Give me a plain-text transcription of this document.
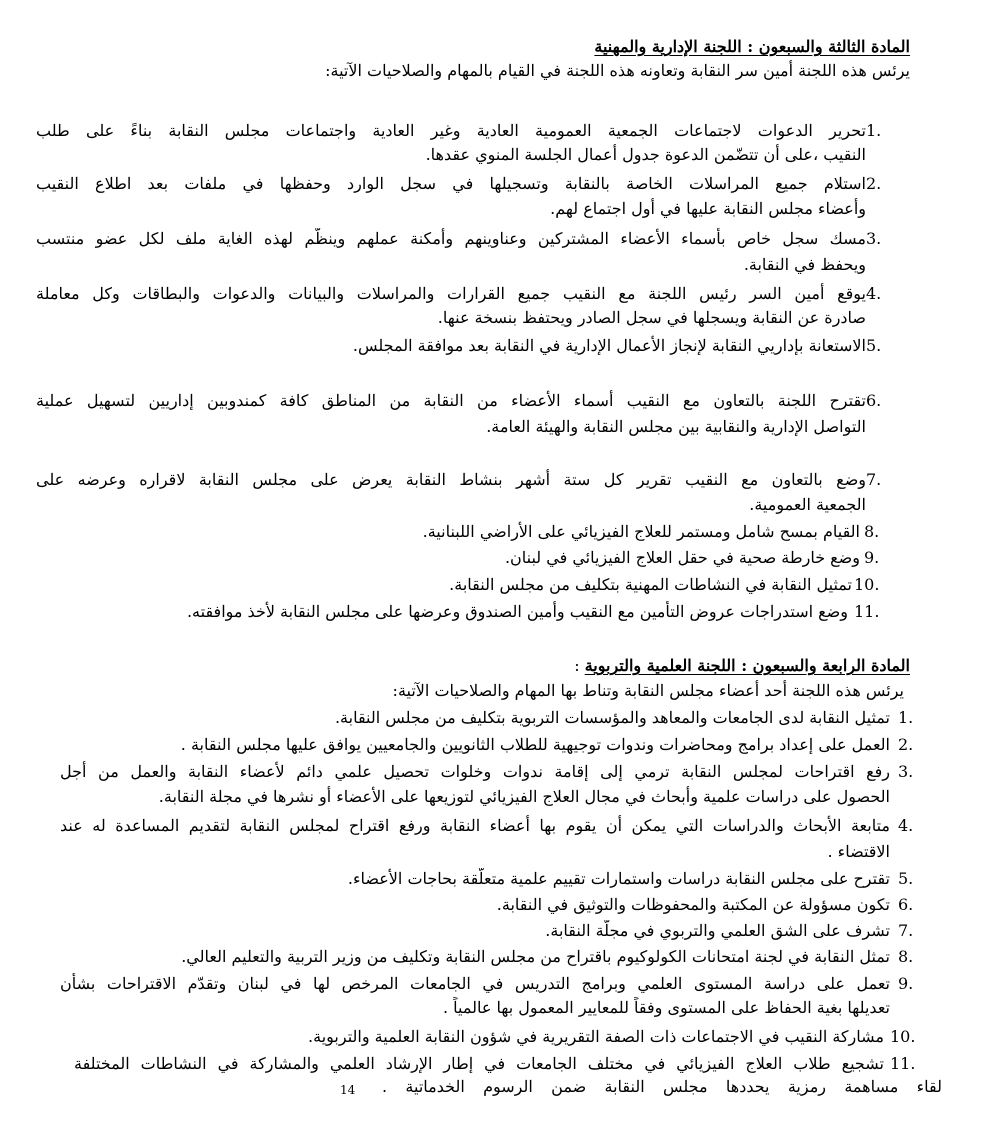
المادة الثالثة والسبعون : اللجنة الإدارية والمهنية
يرئس هذه اللجنة أمين سر النقابة وتعاونه هذه اللجنة في القيام بالمهام والصلاحيات الآتية:
1.
تحرير الدعوات لاجتماعات الجمعية العمومية العادية وغير العادية واجتماعات مجلس النقابة بناءً على طلب
النقيب ،على أن تتضّمن الدعوة جدول أعمال الجلسة المنوي عقدها.
2.
استلام جميع المراسلات الخاصة بالنقابة وتسجيلها في سجل الوارد وحفظها في ملفات بعد اطلاع النقيب
وأعضاء مجلس النقابة عليها في أول اجتماع لهم.
3.
مسك سجل خاص بأسماء الأعضاء المشتركين وعناوينهم وأمكنة عملهم وينظّم لهذه الغاية ملف لكل عضو منتسب
ويحفظ في النقابة.
4.
يوقع أمين السر رئيس اللجنة مع النقيب جميع القرارات والمراسلات والبيانات والدعوات والبطاقات وكل معاملة
صادرة عن النقابة ويسجلها في سجل الصادر ويحتفظ بنسخة عنها.
5.
الاستعانة بإداريي النقابة لإنجاز الأعمال الإدارية في النقابة بعد موافقة المجلس.
6.
تقترح اللجنة بالتعاون مع النقيب أسماء الأعضاء من النقابة من المناطق كافة كمندوبين إداريين لتسهيل عملية
التواصل الإدارية والنقابية بين مجلس النقابة والهيئة العامة.
7.
وضع بالتعاون مع النقيب تقرير كل ستة أشهر بنشاط النقابة يعرض على مجلس النقابة لاقراره وعرضه على
الجمعية العمومية.
8.
القيام بمسح شامل ومستمر للعلاج الفيزيائي على الأراضي اللبنانية.
9.
وضع خارطة صحية في حقل العلاج الفيزيائي في لبنان.
10.
تمثيل النقابة في النشاطات المهنية بتكليف من مجلس النقابة.
11.
وضع استدراجات عروض التأمين مع النقيب وأمين الصندوق وعرضها على مجلس النقابة لأخذ موافقته.
المادة الرابعة والسبعون : اللجنة العلمية والتربوية :
يرئس هذه اللجنة أحد أعضاء مجلس النقابة وتناط بها المهام والصلاحيات الآتية:
1.
تمثيل النقابة لدى الجامعات والمعاهد والمؤسسات التربوية بتكليف من مجلس النقابة.
2.
العمل على إعداد برامج ومحاضرات وندوات توجيهية للطلاب الثانويين والجامعيين يوافق عليها مجلس النقابة .
3.
رفع اقتراحات لمجلس النقابة ترمي إلى إقامة ندوات وخلوات تحصيل علمي دائم لأعضاء النقابة والعمل من أجل
الحصول على دراسات علمية وأبحاث في مجال العلاج الفيزيائي لتوزيعها على الأعضاء أو نشرها في مجلة النقابة.
4.
متابعة الأبحاث والدراسات التي يمكن أن يقوم بها أعضاء النقابة ورفع اقتراح لمجلس النقابة لتقديم المساعدة له عند
الاقتضاء .
5.
تقترح على مجلس النقابة دراسات واستمارات تقييم علمية متعلّقة بحاجات الأعضاء.
6.
تكون مسؤولة عن المكتبة والمحفوظات والتوثيق في النقابة.
7.
تشرف على الشق العلمي والتربوي في مجلّة النقابة.
8.
تمثل النقابة في لجنة امتحانات الكولوكيوم باقتراح من مجلس النقابة وتكليف من وزير التربية والتعليم العالي.
9.
تعمل على دراسة المستوى العلمي وبرامج التدريس في الجامعات المرخص لها في لبنان وتقدّم الاقتراحات بشأن
تعديلها بغية الحفاظ على المستوى وفقاً للمعايير المعمول بها عالمياً .
10.
مشاركة النقيب في الاجتماعات ذات الصفة التقريرية في شؤون النقابة العلمية والتربوية.
11.
تشجيع طلاب العلاج الفيزيائي في مختلف الجامعات في إطار الإرشاد العلمي والمشاركة في النشاطات المختلفة
لقاء مساهمة رمزية يحددها مجلس النقابة ضمن الرسوم الخدماتية .
14
